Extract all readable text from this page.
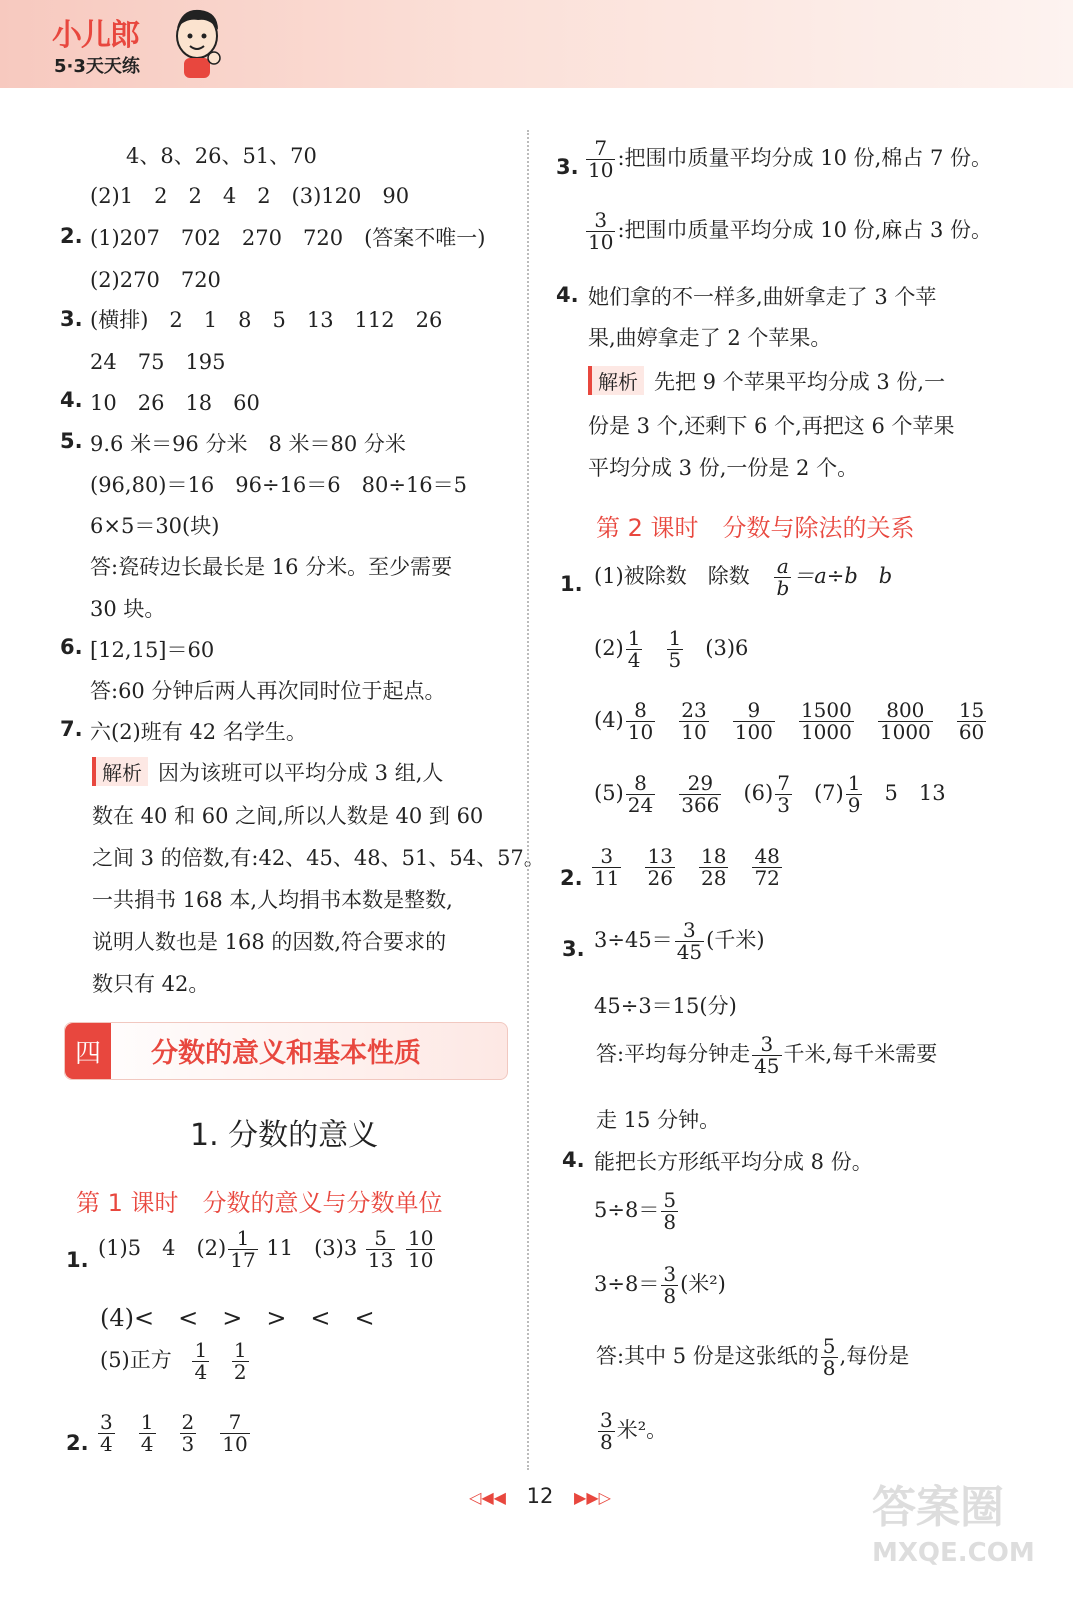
小儿郎
5·3天天练
4、8、26、51、70
(2)1　2　2　4　2　(3)120　90
2. (1)207　702　270　720　(答案不唯一)
(2)270　720
3. (横排)　2　1　8　5　13　112　26
24　75　195
4. 10　26　18　60
5. 9.6 米＝96 分米　8 米＝80 分米
(96,80)＝16　96÷16＝6　80÷16＝5
6×5＝30(块)
答:瓷砖边长最长是 16 分米。至少需要
30 块。
6. [12,15]＝60
答:60 分钟后两人再次同时位于起点。
7. 六(2)班有 42 名学生。
解析 因为该班可以平均分成 3 组,人
数在 40 和 60 之间,所以人数是 40 到 60
之间 3 的倍数,有:42、45、48、51、54、57。
一共捐书 168 本,人均捐书本数是整数,
说明人数也是 168 的因数,符合要求的
数只有 42。
四	分数的意义和基本性质
1. 分数的意义
第 1 课时　分数的意义与分数单位
1. (1)5　4　$(2) \frac{1}{17} 11$　$(3)3 \frac{5}{13}$
$\frac{10}{10}$
(4)<　<　>　>　<　<
(5)正方 $\frac{1}{4}$
$\frac{1}{2}$
2. $\frac{3}{4}$
$\frac{1}{4}$
$\frac{2}{3}$
$\frac{7}{10}$
3. $\frac{7}{10}$ :把围巾质量平均分成 10 份,棉占 7 份。
$\frac{3}{10}$ :把围巾质量平均分成 10 份,麻占 3 份。
4. 她们拿的不一样多,曲妍拿走了 3 个苹
果,曲婷拿走了 2 个苹果。
解析 先把 9 个苹果平均分成 3 份,一
份是 3 个,还剩下 6 个,再把这 6 个苹果
平均分成 3 份,一份是 2 个。
第 2 课时　分数与除法的关系
1. (1)被除数　除数 $\frac{a}{b} =a\div b$　b
$(2) \frac{1}{4}$
$\frac{1}{5} (3)6$
$(4) \frac{8}{10}$
$\frac{23}{10}$
$\frac{9}{100}$
$\frac{1500}{1000}$
$\frac{800}{1000}$
$\frac{15}{60}$
$(5) \frac{8}{24}$
$\frac{29}{366} (6) \frac{7}{3} (7) \frac{1}{9} 5$　13
2. $\frac{3}{11}$
$\frac{13}{26}$
$\frac{18}{28}$
$\frac{48}{72}$
3. $3\div 45= \frac{3}{45}$ (千米)
45÷3＝15(分)
答:平均每分钟走 $\frac{3}{45}$ 千米,每千米需要
走 15 分钟。
4. 能把长方形纸平均分成 8 份。
$5\div 8= \frac{5}{8}$
$3\div 8= \frac{3}{8}$ (米²)
答:其中 5 份是这张纸的 $\frac{5}{8}$ ,每份是
$\frac{3}{8}$ 米²。
◁◀◀ 12 ▶▶▷	答案圈
MXQE.COM
